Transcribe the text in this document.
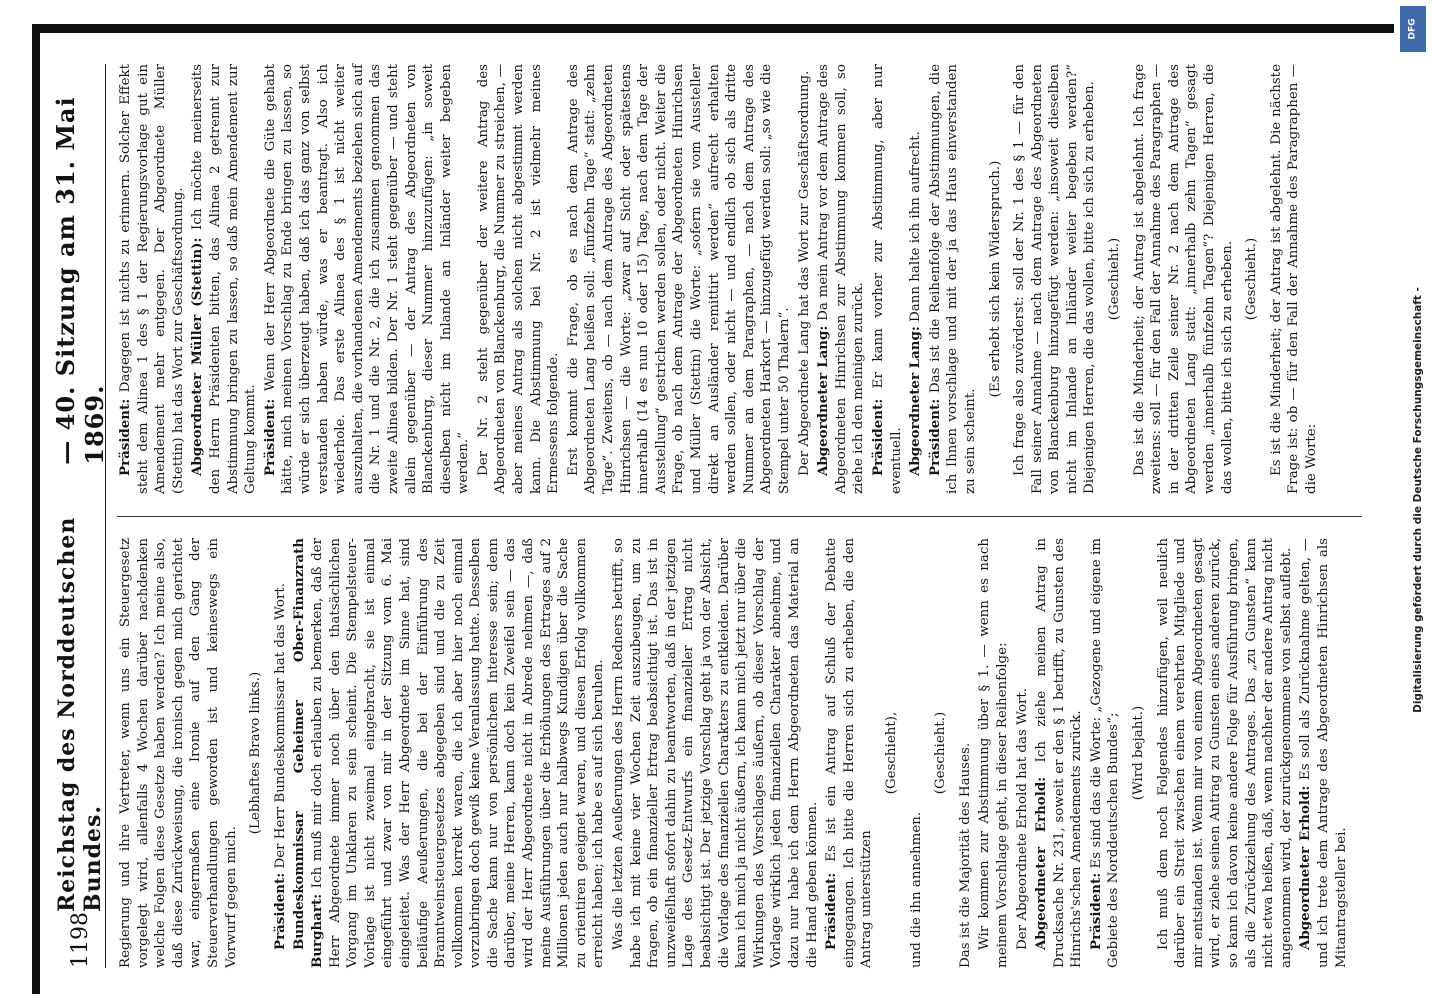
1198
Reichstag des Norddeutschen Bundes.
— 40. Sitzung am 31. Mai 1869.

Regierung und ihre Vertreter, wenn uns ein Steuergesetz vorgelegt wird, allenfalls 4 Wochen darüber nachdenken welche Folgen diese Gesetze haben werden? Ich meine also, daß diese Zurückweisung, die ironisch gegen mich gerichtet war, eingermaßen eine Ironie auf den Gang der Steuerverhandlungen geworden ist und keineswegs ein Vorwurf gegen mich.

(Lebhaftes Bravo links.)

Präsident: Der Herr Bundeskommissar hat das Wort. Bundeskommissar Geheimer Ober-Finanzrath Burghart: Ich muß mir doch erlauben zu bemerken, daß der Herr Abgeordnete immer noch über den thatsächlichen Vorgang im Unklaren zu sein scheint. Die Stempelsteuer-Vorlage ist nicht zweimal eingebracht, sie ist einmal eingeführt und zwar von mir in der Sitzung vom 6. Mai eingeleitet. Was der Herr Abgeordnete im Sinne hat, sind beiläufige Aeußerungen, die bei der Einführung des Branntweinsteuergesetzes abgegeben sind und die zu Zeit vollkommen korrekt waren, die ich aber hier noch einmal vorzubringen doch gewiß keine Veranlassung hatte. Desselben die Sache kann nur von persönlichem Interesse sein; denn darüber, meine Herren, kann doch kein Zweifel sein — das wird der Herr Abgeordnete nicht in Abrede nehmen —, daß meine Ausführungen über die Erhöhungen des Ertrages auf 2 Millionen jeden auch nur halbwegs Kundigen über die Sache zu orientiren geeignet waren, und diesen Erfolg vollkommen erreicht haben; ich habe es auf sich beruhen. Was die letzten Aeußerungen des Herrn Redners betrifft, so habe ich mit keine vier Wochen Zeit auszubeugen, um zu fragen, ob ein finanzieller Ertrag beabsichtigt ist. Das ist in unzweifelhaft sofort dahin zu beantworten, daß in der jetzigen Lage des Gesetz-Entwurfs ein finanzieller Ertrag nicht beabsichtigt ist. Der jetzige Vorschlag geht ja von der Absicht, die Vorlage des finanziellen Charakters zu entkleiden. Darüber kann ich mich ja nicht äußern, ich kann mich jetzt nur über die Wirkungen des Vorschlages äußern, ob dieser Vorschlag der Vorlage wirklich jeden finanziellen Charakter abnehme, und dazu nur habe ich dem Herrn Abgeordneten das Material an die Hand geben können. Präsident: Es ist ein Antrag auf Schluß der Debatte eingegangen. Ich bitte die Herren sich zu erheben, die den Antrag unterstützen

(Geschieht),

und die ihn annehmen.

(Geschieht.) Das ist die Majorität des Hauses. Wir kommen zur Abstimmung über § 1. — wenn es nach meinem Vorschlage geht, in dieser Reihenfolge: Der Abgeordnete Erhold hat das Wort. Abgeordneter Erhold: Ich ziehe meinen Antrag in Drucksache Nr. 231, soweit er den § 1 betrifft, zu Gunsten des Hinrichs'schen Amendements zurück. Präsident: Es sind das die Worte: „Gezogene und eigene im Gebiete des Norddeutschen Bundes“; (Wird bejaht.) Ich muß dem noch Folgendes hinzufügen, weil neulich darüber ein Streit zwischen einem verehrten Mitgliede und mir entstanden ist. Wenn mir von einem Abgeordneten gesagt wird, er ziehe seinen Antrag zu Gunsten eines anderen zurück, so kann ich davon keine andere Folge für Ausführung bringen, als die Zurückziehung des Antrages. Das „zu Gunsten“ kann nicht etwa heißen, daß, wenn nachher der andere Antrag nicht angenommen wird, der zurückgenommene von selbst auflebt. Abgeordneter Erhold: Es soll als Zurücknahme gelten, — und ich trete dem Antrage des Abgeordneten Hinrichsen als Mitantragsteller bei.

Präsident: Dagegen ist nichts zu erinnern. Solcher Effekt steht dem Alinea 1 des § 1 der Regierungsvorlage gut ein Amendement mehr entgegen. Der Abgeordnete Müller (Stettin) hat das Wort zur Geschäftsordnung. Abgeordneter Müller (Stettin): Ich möchte meinerseits den Herrn Präsidenten bitten, das Alinea 2 getrennt zur Abstimmung bringen zu lassen, so daß mein Amendement zur Geltung kommt. Präsident: Wenn der Herr Abgeordnete die Güte gehabt hätte, mich meinen Vorschlag zu Ende bringen zu lassen, so würde er sich überzeugt haben, daß ich das ganz von selbst verstanden haben würde, was er beantragt. Also ich wiederhole. Das erste Alinea des § 1 ist nicht weiter auszuhalten, die vorhandenen Amendements beziehen sich auf die Nr. 1 und die Nr. 2, die ich zusammen genommen das zweite Alinea bilden. Der Nr. 1 steht gegenüber — und steht allein gegenüber — der Antrag des Abgeordneten von Blanckenburg, dieser Nummer hinzuzufügen: „in soweit dieselben nicht im Inlande an Inländer weiter begeben werden.“ Der Nr. 2 steht gegenüber der weitere Antrag des Abgeordneten von Blanckenburg, die Nummer zu streichen, — aber meines Antrag als solchen nicht abgestimmt werden kann. Die Abstimmung bei Nr. 2 ist vielmehr meines Ermessens folgende. Erst kommt die Frage, ob es nach dem Antrage des Abgeordneten Lang heißen soll: „fünfzehn Tage“ statt: „zehn Tage“. Zweitens, ob — nach dem Antrage des Abgeordneten Hinrichsen — die Worte: „zwar auf Sicht oder spätestens innerhalb (14 es nun 10 oder 15) Tage, nach dem Tage der Ausstellung“ gestrichen werden sollen, oder nicht. Weiter die Frage, ob nach dem Antrage der Abgeordneten Hinrichsen und Müller (Stettin) die Worte: „sofern sie vom Aussteller direkt an Ausländer remittirt werden“ aufrecht erhalten werden sollen, oder nicht — und endlich ob sich als dritte Nummer an dem Paragraphen, — nach dem Antrage des Abgeordneten Harkort — hinzugefügt werden soll: „so wie die Stempel unter 50 Thalern“. Der Abgeordnete Lang hat das Wort zur Geschäftsordnung. Abgeordneter Lang: Da mein Antrag vor dem Antrage des Abgeordneten Hinrichsen zur Abstimmung kommen soll, so ziehe ich den meinigen zurück. Präsident: Er kann vorher zur Abstimmung, aber nur eventuell. Abgeordneter Lang: Dann halte ich ihn aufrecht.

Präsident: Das ist die Reihenfolge der Abstimmungen, die ich Ihnen vorschlage und mit der ja das Haus einverstanden zu sein scheint.

(Es erhebt sich kein Widerspruch.) Ich frage also zuvörderst: soll der Nr. 1 des § 1 — für den Fall seiner Annahme — nach dem Antrage des Abgeordneten von Blanckenburg hinzugefügt werden: „insoweit dieselben nicht im Inlande an Inländer weiter begeben werden?“ Diejenigen Herren, die das wollen, bitte ich sich zu erheben. (Geschieht.) Das ist die Minderheit; der Antrag ist abgelehnt. Ich frage zweitens: soll — für den Fall der Annahme des Paragraphen — in der dritten Zeile seiner Nr. 2 nach dem Antrage des Abgeordneten Lang statt: „innerhalb zehn Tagen“ gesagt werden „innerhalb fünfzehn Tagen“? Diejenigen Herren, die das wollen, bitte ich sich zu erheben. (Geschieht.) Es ist die Minderheit; der Antrag ist abgelehnt. Die nächste Frage ist: ob — für den Fall der Annahme des Paragraphen — die Worte:

DFG
Digitalisierung gefördert durch die Deutsche Forschungsgemeinschaft -
